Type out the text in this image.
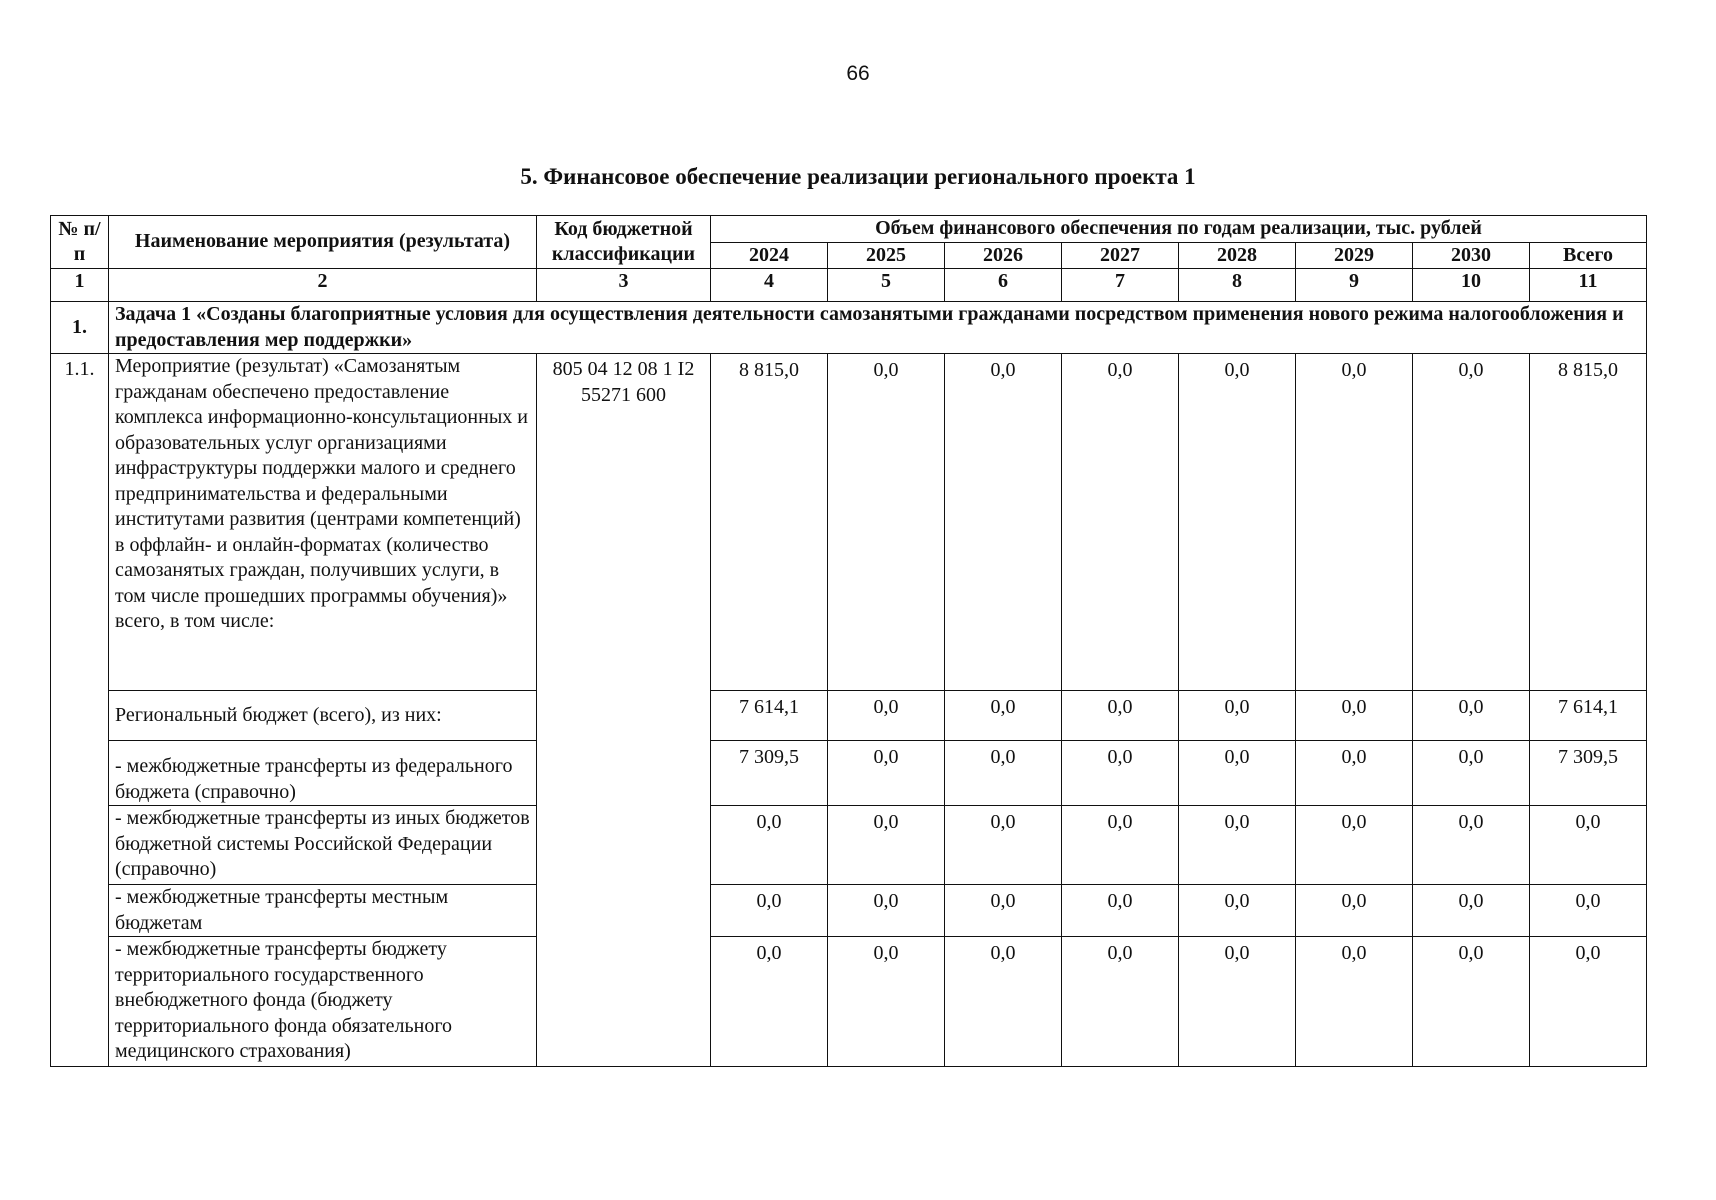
66
5. Финансовое обеспечение реализации регионального проекта 1
№ п/п	Наименование мероприятия (результата)	Код бюджетной классификации	Объем финансового обеспечения по годам реализации, тыс. рублей							
			2024	2025	2026	2027	2028	2029	2030	Всего
1	2	3	4	5	6	7	8	9	10	11
1.	Задача 1 «Созданы благоприятные условия для осуществления деятельности самозанятыми гражданами посредством применения нового режима налогообложения и предоставления мер поддержки»									
1.1.	Мероприятие (результат) «Самозанятым гражданам обеспечено предоставление комплекса информационно-консультационных и образовательных услуг организациями инфраструктуры поддержки малого и среднего предпринимательства и федеральными институтами развития (центрами компетенций) в оффлайн- и онлайн-форматах (количество самозанятых граждан, получивших услуги, в том числе прошедших программы обучения)» всего, в том числе:	805 04 12 08 1 I2 55271 600	8 815,0	0,0	0,0	0,0	0,0	0,0	0,0	8 815,0
	Региональный бюджет (всего), из них:		7 614,1	0,0	0,0	0,0	0,0	0,0	0,0	7 614,1
	- межбюджетные трансферты из федерального бюджета (справочно)		7 309,5	0,0	0,0	0,0	0,0	0,0	0,0	7 309,5
	- межбюджетные трансферты из иных бюджетов бюджетной системы Российской Федерации (справочно)		0,0	0,0	0,0	0,0	0,0	0,0	0,0	0,0
	- межбюджетные трансферты местным бюджетам		0,0	0,0	0,0	0,0	0,0	0,0	0,0	0,0
	- межбюджетные трансферты бюджету территориального государственного внебюджетного фонда (бюджету территориального фонда обязательного медицинского страхования)		0,0	0,0	0,0	0,0	0,0	0,0	0,0	0,0
